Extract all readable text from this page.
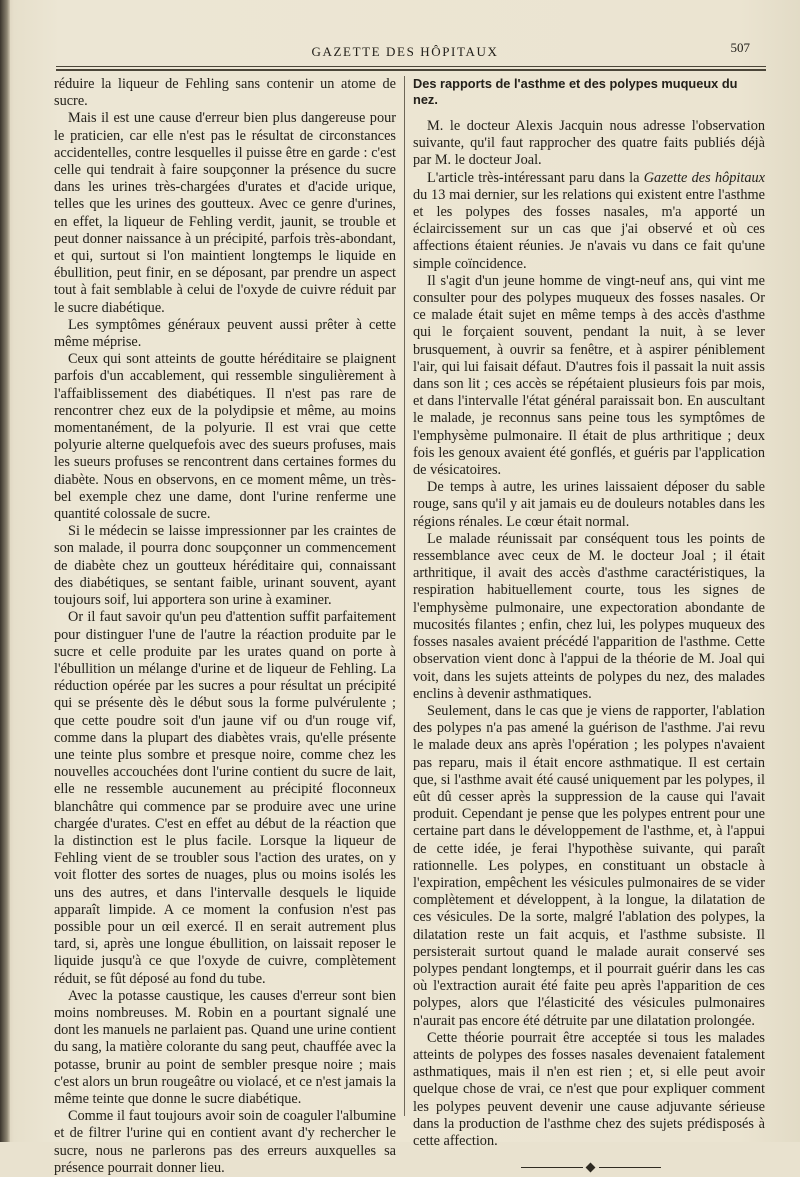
GAZETTE DES HÔPITAUX	507

réduire la liqueur de Fehling sans contenir un atome de sucre.

Mais il est une cause d'erreur bien plus dangereuse pour le praticien, car elle n'est pas le résultat de circonstances accidentelles, contre lesquelles il puisse être en garde : c'est celle qui tendrait à faire soupçonner la présence du sucre dans les urines très-chargées d'urates et d'acide urique, telles que les urines des goutteux. Avec ce genre d'urines, en effet, la liqueur de Fehling verdit, jaunit, se trouble et peut donner naissance à un précipité, parfois très-abondant, et qui, surtout si l'on maintient longtemps le liquide en ébullition, peut finir, en se déposant, par prendre un aspect tout à fait semblable à celui de l'oxyde de cuivre réduit par le sucre diabétique.

Les symptômes généraux peuvent aussi prêter à cette même méprise.

Ceux qui sont atteints de goutte héréditaire se plaignent parfois d'un accablement, qui ressemble singulièrement à l'affaiblissement des diabétiques. Il n'est pas rare de rencontrer chez eux de la polydipsie et même, au moins momentanément, de la polyurie. Il est vrai que cette polyurie alterne quelquefois avec des sueurs profuses, mais les sueurs profuses se rencontrent dans certaines formes du diabète. Nous en observons, en ce moment même, un très-bel exemple chez une dame, dont l'urine renferme une quantité colossale de sucre.

Si le médecin se laisse impressionner par les craintes de son malade, il pourra donc soupçonner un commencement de diabète chez un goutteux héréditaire qui, connaissant des diabétiques, se sentant faible, urinant souvent, ayant toujours soif, lui apportera son urine à examiner.

Or il faut savoir qu'un peu d'attention suffit parfaitement pour distinguer l'une de l'autre la réaction produite par le sucre et celle produite par les urates quand on porte à l'ébullition un mélange d'urine et de liqueur de Fehling. La réduction opérée par les sucres a pour résultat un précipité qui se présente dès le début sous la forme pulvérulente ; que cette poudre soit d'un jaune vif ou d'un rouge vif, comme dans la plupart des diabètes vrais, qu'elle présente une teinte plus sombre et presque noire, comme chez les nouvelles accouchées dont l'urine contient du sucre de lait, elle ne ressemble aucunement au précipité floconneux blanchâtre qui commence par se produire avec une urine chargée d'urates. C'est en effet au début de la réaction que la distinction est le plus facile. Lorsque la liqueur de Fehling vient de se troubler sous l'action des urates, on y voit flotter des sortes de nuages, plus ou moins isolés les uns des autres, et dans l'intervalle desquels le liquide apparaît limpide. A ce moment la confusion n'est pas possible pour un œil exercé. Il en serait autrement plus tard, si, après une longue ébullition, on laissait reposer le liquide jusqu'à ce que l'oxyde de cuivre, complètement réduit, se fût déposé au fond du tube.

Avec la potasse caustique, les causes d'erreur sont bien moins nombreuses. M. Robin en a pourtant signalé une dont les manuels ne parlaient pas. Quand une urine contient du sang, la matière colorante du sang peut, chauffée avec la potasse, brunir au point de sembler presque noire ; mais c'est alors un brun rougeâtre ou violacé, et ce n'est jamais la même teinte que donne le sucre diabétique.

Comme il faut toujours avoir soin de coaguler l'albumine et de filtrer l'urine qui en contient avant d'y rechercher le sucre, nous ne parlerons pas des erreurs auxquelles sa présence pourrait donner lieu.

Des rapports de l'asthme et des polypes muqueux du nez.

M. le docteur Alexis Jacquin nous adresse l'observation suivante, qu'il faut rapprocher des quatre faits publiés déjà par M. le docteur Joal.

L'article très-intéressant paru dans la Gazette des hôpitaux du 13 mai dernier, sur les relations qui existent entre l'asthme et les polypes des fosses nasales, m'a apporté un éclaircissement sur un cas que j'ai observé et où ces affections étaient réunies. Je n'avais vu dans ce fait qu'une simple coïncidence.

Il s'agit d'un jeune homme de vingt-neuf ans, qui vint me consulter pour des polypes muqueux des fosses nasales. Or ce malade était sujet en même temps à des accès d'asthme qui le forçaient souvent, pendant la nuit, à se lever brusquement, à ouvrir sa fenêtre, et à aspirer péniblement l'air, qui lui faisait défaut. D'autres fois il passait la nuit assis dans son lit ; ces accès se répétaient plusieurs fois par mois, et dans l'intervalle l'état général paraissait bon. En auscultant le malade, je reconnus sans peine tous les symptômes de l'emphysème pulmonaire. Il était de plus arthritique ; deux fois les genoux avaient été gonflés, et guéris par l'application de vésicatoires.

De temps à autre, les urines laissaient déposer du sable rouge, sans qu'il y ait jamais eu de douleurs notables dans les régions rénales. Le cœur était normal.

Le malade réunissait par conséquent tous les points de ressemblance avec ceux de M. le docteur Joal ; il était arthritique, il avait des accès d'asthme caractéristiques, la respiration habituellement courte, tous les signes de l'emphysème pulmonaire, une expectoration abondante de mucosités filantes ; enfin, chez lui, les polypes muqueux des fosses nasales avaient précédé l'apparition de l'asthme. Cette observation vient donc à l'appui de la théorie de M. Joal qui voit, dans les sujets atteints de polypes du nez, des malades enclins à devenir asthmatiques.

Seulement, dans le cas que je viens de rapporter, l'ablation des polypes n'a pas amené la guérison de l'asthme. J'ai revu le malade deux ans après l'opération ; les polypes n'avaient pas reparu, mais il était encore asthmatique. Il est certain que, si l'asthme avait été causé uniquement par les polypes, il eût dû cesser après la suppression de la cause qui l'avait produit. Cependant je pense que les polypes entrent pour une certaine part dans le développement de l'asthme, et, à l'appui de cette idée, je ferai l'hypothèse suivante, qui paraît rationnelle. Les polypes, en constituant un obstacle à l'expiration, empêchent les vésicules pulmonaires de se vider complètement et développent, à la longue, la dilatation de ces vésicules. De la sorte, malgré l'ablation des polypes, la dilatation reste un fait acquis, et l'asthme subsiste. Il persisterait surtout quand le malade aurait conservé ses polypes pendant longtemps, et il pourrait guérir dans les cas où l'extraction aurait été faite peu après l'apparition de ces polypes, alors que l'élasticité des vésicules pulmonaires n'aurait pas encore été détruite par une dilatation prolongée.

Cette théorie pourrait être acceptée si tous les malades atteints de polypes des fosses nasales devenaient fatalement asthmatiques, mais il n'en est rien ; et, si elle peut avoir quelque chose de vrai, ce n'est que pour expliquer comment les polypes peuvent devenir une cause adjuvante sérieuse dans la production de l'asthme chez des sujets prédisposés à cette affection.
